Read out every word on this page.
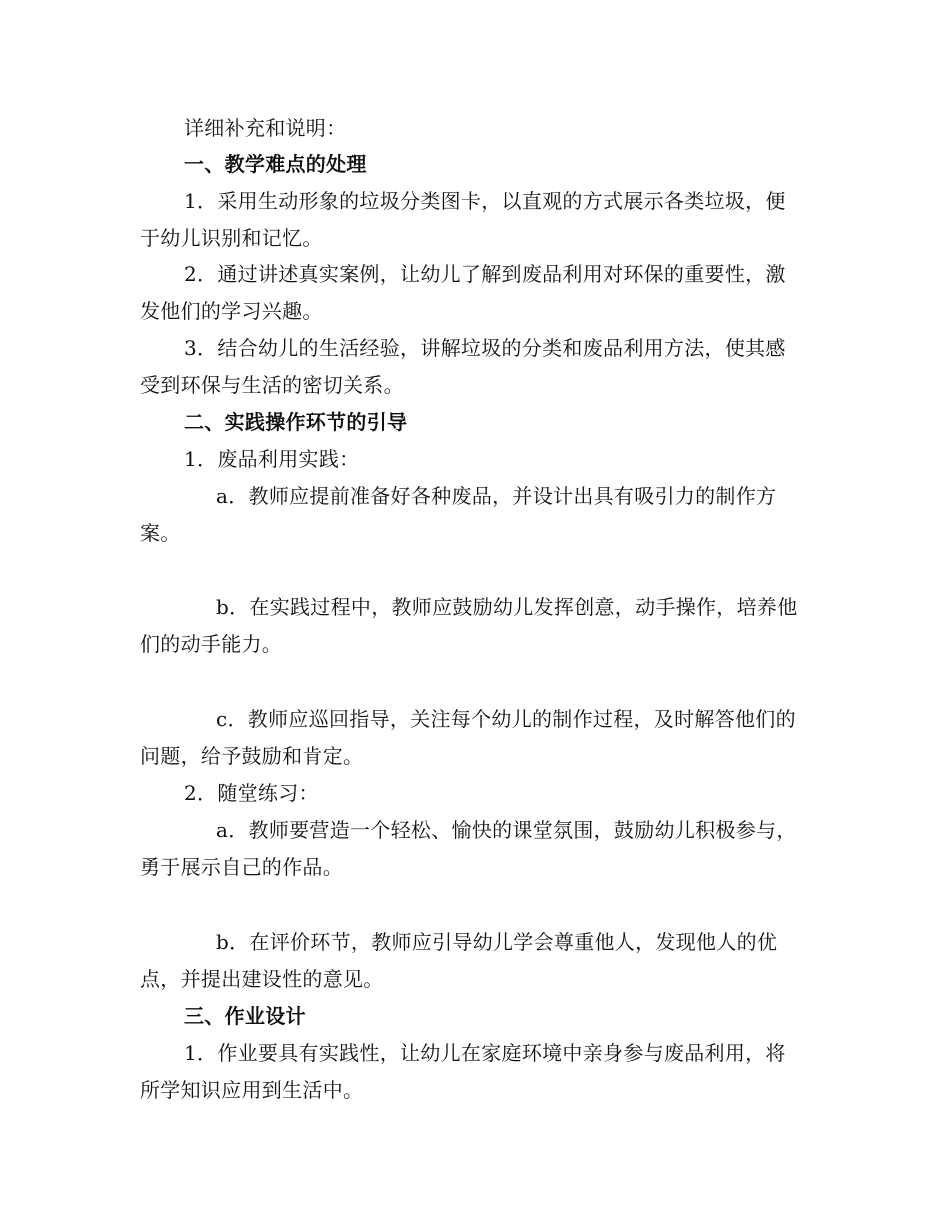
详细补充和说明：

一、教学难点的处理

1．采用生动形象的垃圾分类图卡，以直观的方式展示各类垃圾，便于幼儿识别和记忆。

2．通过讲述真实案例，让幼儿了解到废品利用对环保的重要性，激发他们的学习兴趣。

3．结合幼儿的生活经验，讲解垃圾的分类和废品利用方法，使其感受到环保与生活的密切关系。

二、实践操作环节的引导

1．废品利用实践：

a．教师应提前准备好各种废品，并设计出具有吸引力的制作方案。

b．在实践过程中，教师应鼓励幼儿发挥创意，动手操作，培养他们的动手能力。

c．教师应巡回指导，关注每个幼儿的制作过程，及时解答他们的问题，给予鼓励和肯定。

2．随堂练习：

a．教师要营造一个轻松、愉快的课堂氛围，鼓励幼儿积极参与，勇于展示自己的作品。

b．在评价环节，教师应引导幼儿学会尊重他人，发现他人的优点，并提出建设性的意见。

三、作业设计

1．作业要具有实践性，让幼儿在家庭环境中亲身参与废品利用，将所学知识应用到生活中。
